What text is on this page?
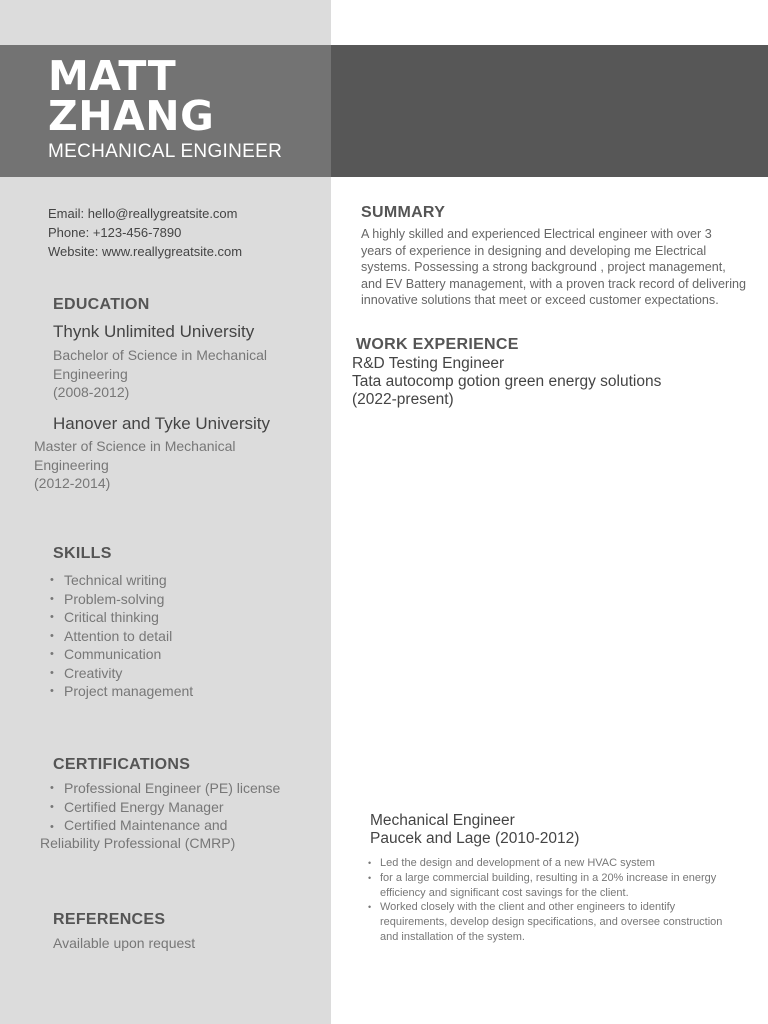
MATT
ZHANG
MECHANICAL ENGINEER
Email: hello@reallygreatsite.com
Phone: +123-456-7890
Website: www.reallygreatsite.com
EDUCATION
Thynk Unlimited University
Bachelor of Science in Mechanical
Engineering
(2008-2012)
Hanover and Tyke University
Master of Science in Mechanical
Engineering
(2012-2014)
SKILLS
• Technical writing
• Problem-solving
• Critical thinking
• Attention to detail
• Communication
• Creativity
• Project management
CERTIFICATIONS
• Professional Engineer (PE) license
• Certified Energy Manager
• Certified Maintenance and
Reliability Professional (CMRP)
REFERENCES
Available upon request
SUMMARY

A highly skilled and experienced Electrical engineer with over 3 years of experience in designing and developing me Electrical systems. Possessing a strong background , project management, and EV Battery management, with a proven track record of delivering innovative solutions that meet or exceed customer expectations.

WORK EXPERIENCE
R&D Testing Engineer
Tata autocomp gotion green energy solutions
(2022-present)
Mechanical Engineer
Paucek and Lage (2010-2012)
• Led the design and development of a new HVAC system
• for a large commercial building, resulting in a 20% increase in energy efficiency and significant cost savings for the client.
• Worked closely with the client and other engineers to identify requirements, develop design specifications, and oversee construction and installation of the system.
